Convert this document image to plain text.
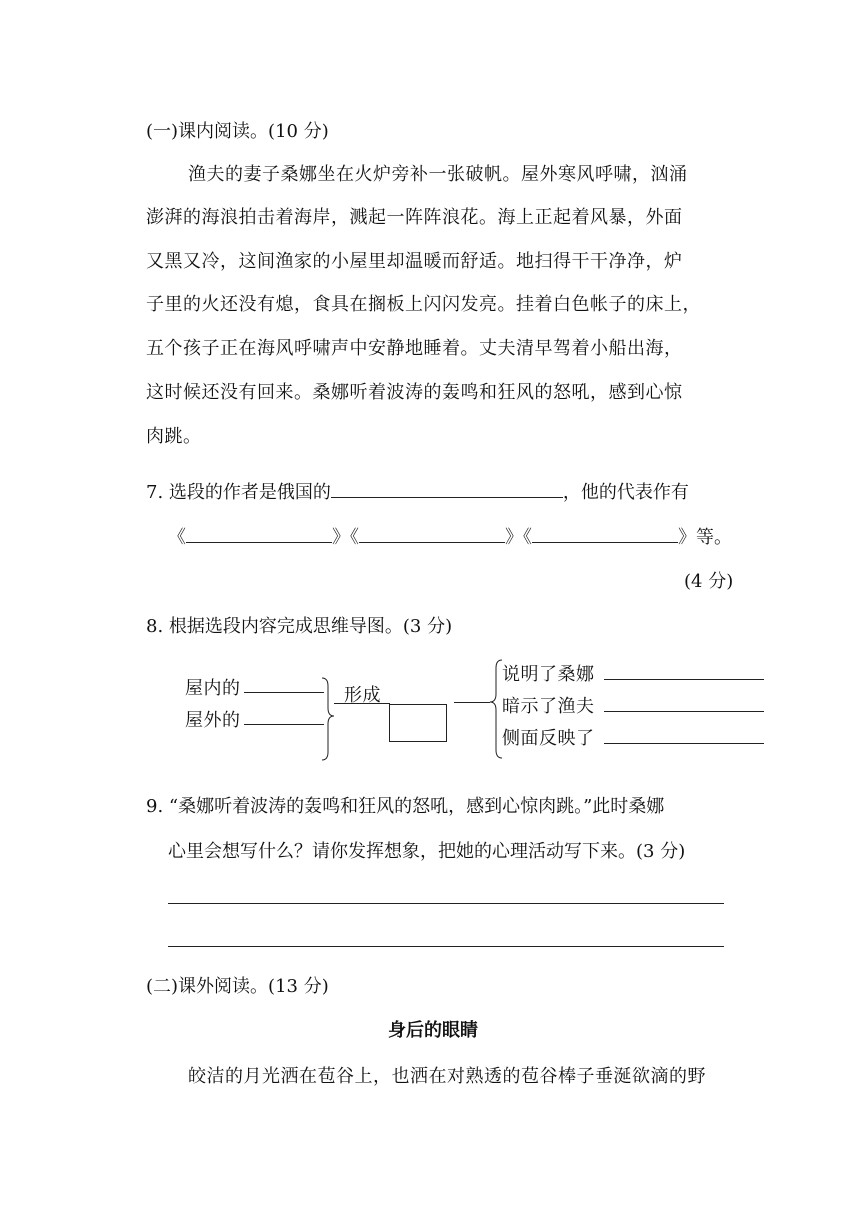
(一)课内阅读。(10 分)
渔夫的妻子桑娜坐在火炉旁补一张破帆。屋外寒风呼啸，汹涌
澎湃的海浪拍击着海岸，溅起一阵阵浪花。海上正起着风暴，外面
又黑又冷，这间渔家的小屋里却温暖而舒适。地扫得干干净净，炉
子里的火还没有熄，食具在搁板上闪闪发亮。挂着白色帐子的床上，
五个孩子正在海风呼啸声中安静地睡着。丈夫清早驾着小船出海，
这时候还没有回来。桑娜听着波涛的轰鸣和狂风的怒吼，感到心惊
肉跳。
7. 选段的作者是俄国的	，他的代表作有
《	》《	》《	》等。
(4 分)
8. 根据选段内容完成思维导图。(3 分)
屋内的
屋外的
形成
说明了桑娜
暗示了渔夫
侧面反映了
9. “桑娜听着波涛的轰鸣和狂风的怒吼，感到心惊肉跳。”此时桑娜
心里会想写什么？请你发挥想象，把她的心理活动写下来。(3 分)
(二)课外阅读。(13 分)
身后的眼睛
皎洁的月光洒在苞谷上，也洒在对熟透的苞谷棒子垂涎欲滴的野
